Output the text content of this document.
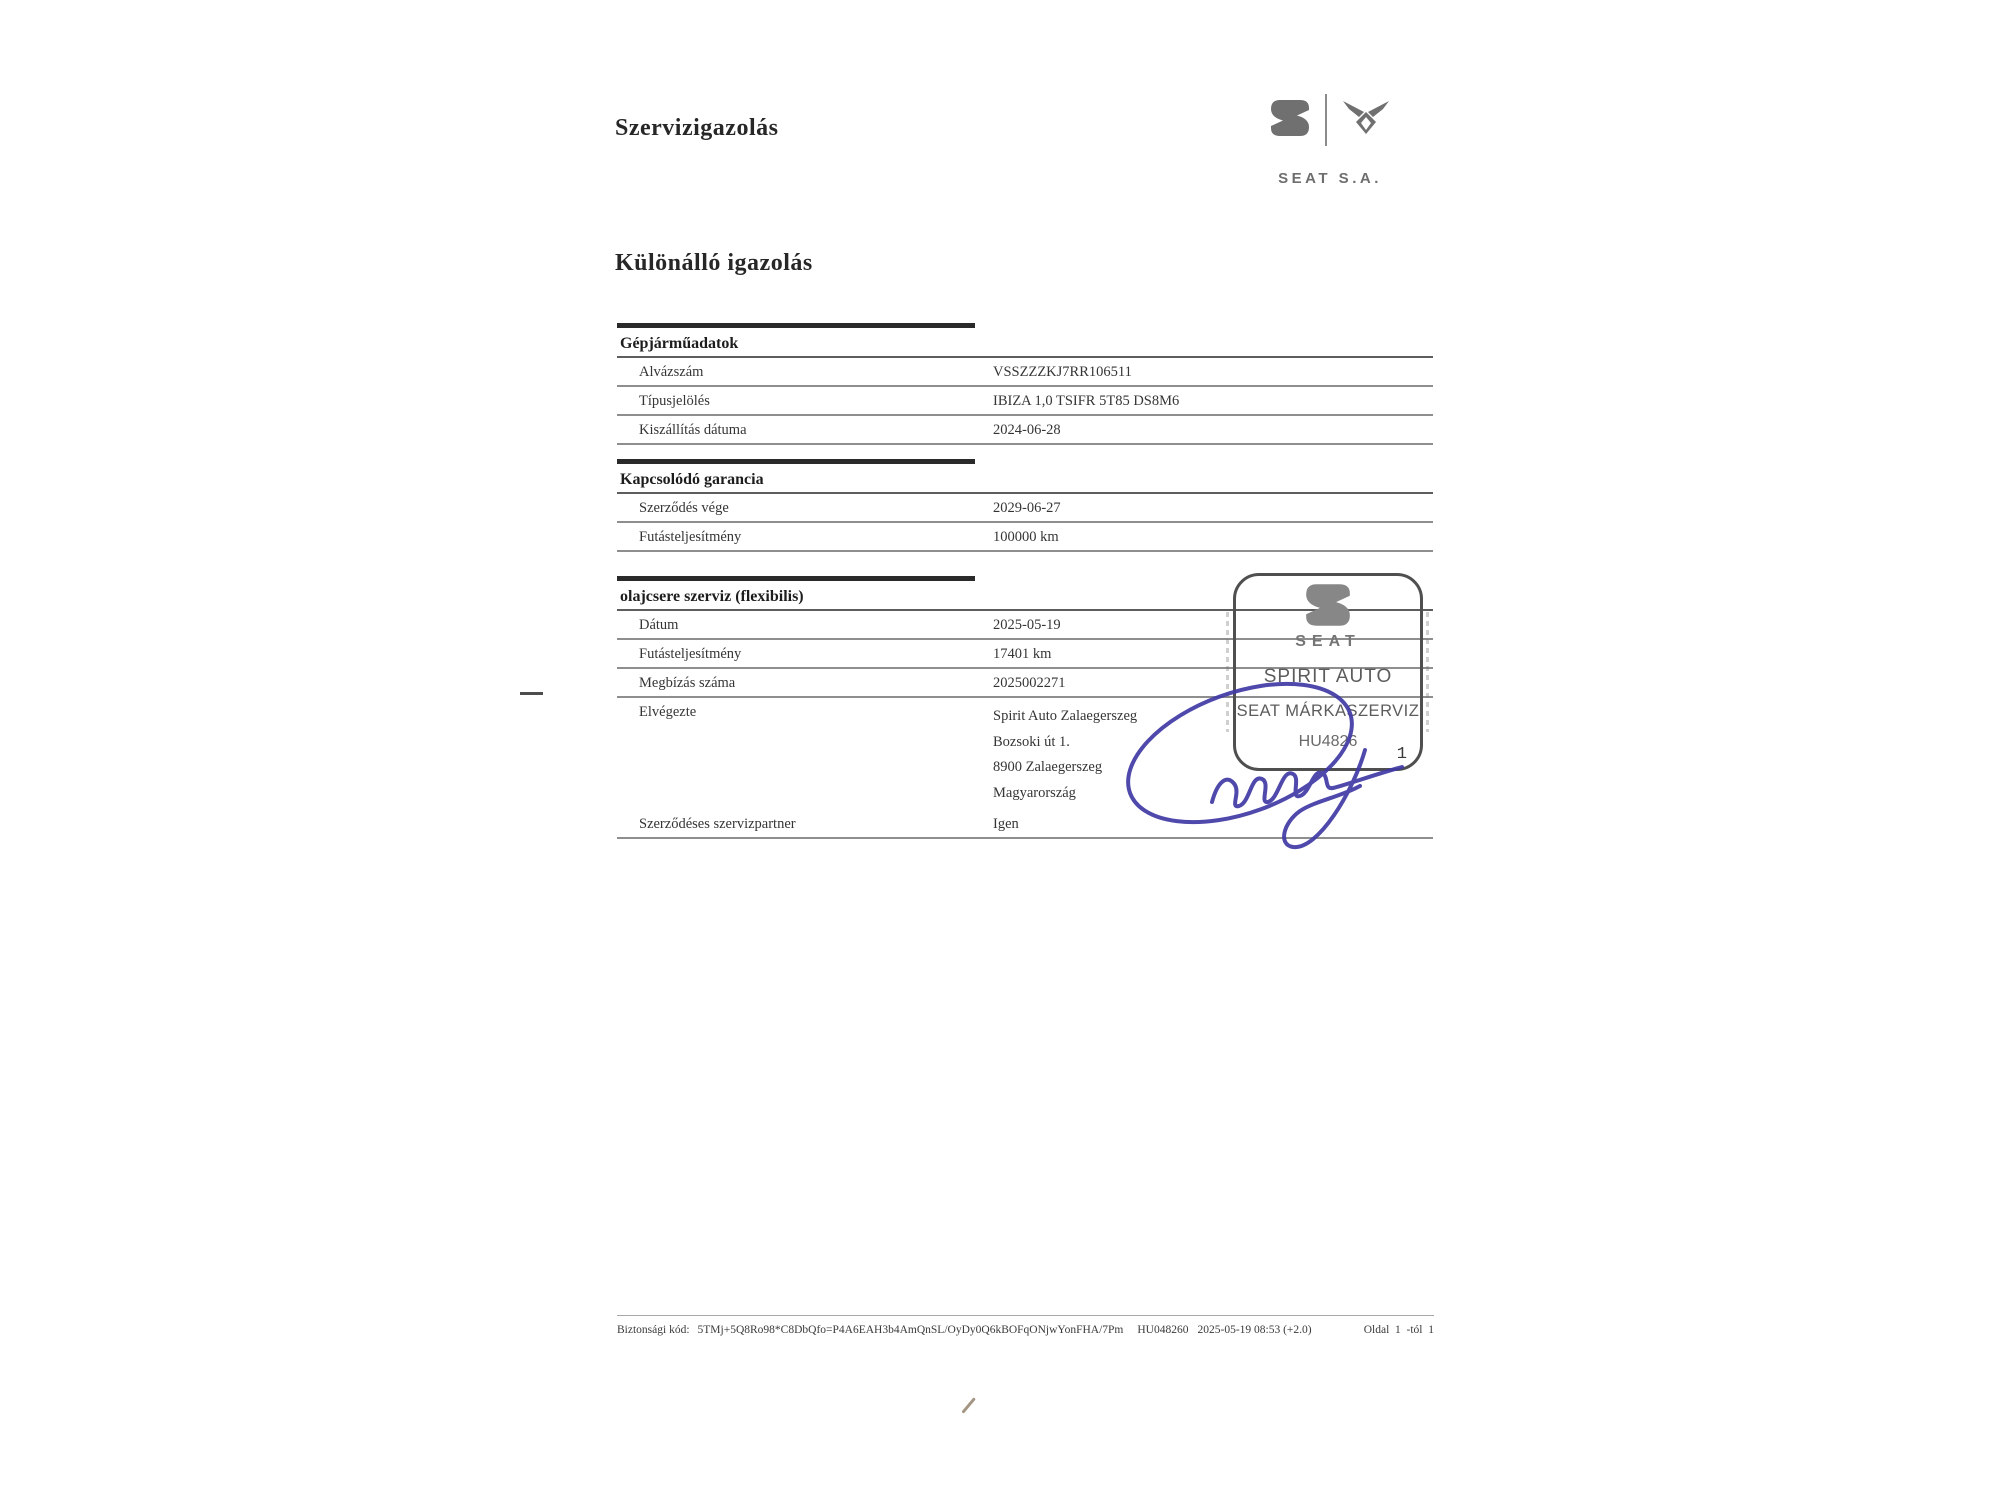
Szervizigazolás
SEAT S.A.
Különálló igazolás
Gépjárműadatok
Alvázszám	VSSZZZKJ7RR106511
Típusjelölés	IBIZA 1,0 TSIFR 5T85 DS8M6
Kiszállítás dátuma	2024-06-28
Kapcsolódó garancia
Szerződés vége	2029-06-27
Futásteljesítmény	100000 km
olajcsere szerviz (flexibilis)
Dátum	2025-05-19
Futásteljesítmény	17401 km
Megbízás száma	2025002271
Elvégezte	Spirit Auto Zalaegerszeg
Bozsoki út 1.
8900 Zalaegerszeg
Magyarország
Szerződéses szervizpartner	Igen
SEAT
SPIRIT AUTO
SEAT MÁRKASZERVIZ
HU4826
1
Biztonsági kód: 5TMj+5Q8Ro98*C8DbQfo=P4A6EAH3b4AmQnSL/OyDy0Q6kBOFqONjwYonFHA/7Pm HU048260 2025-05-19 08:53 (+2.0)	Oldal  1  -tól  1
